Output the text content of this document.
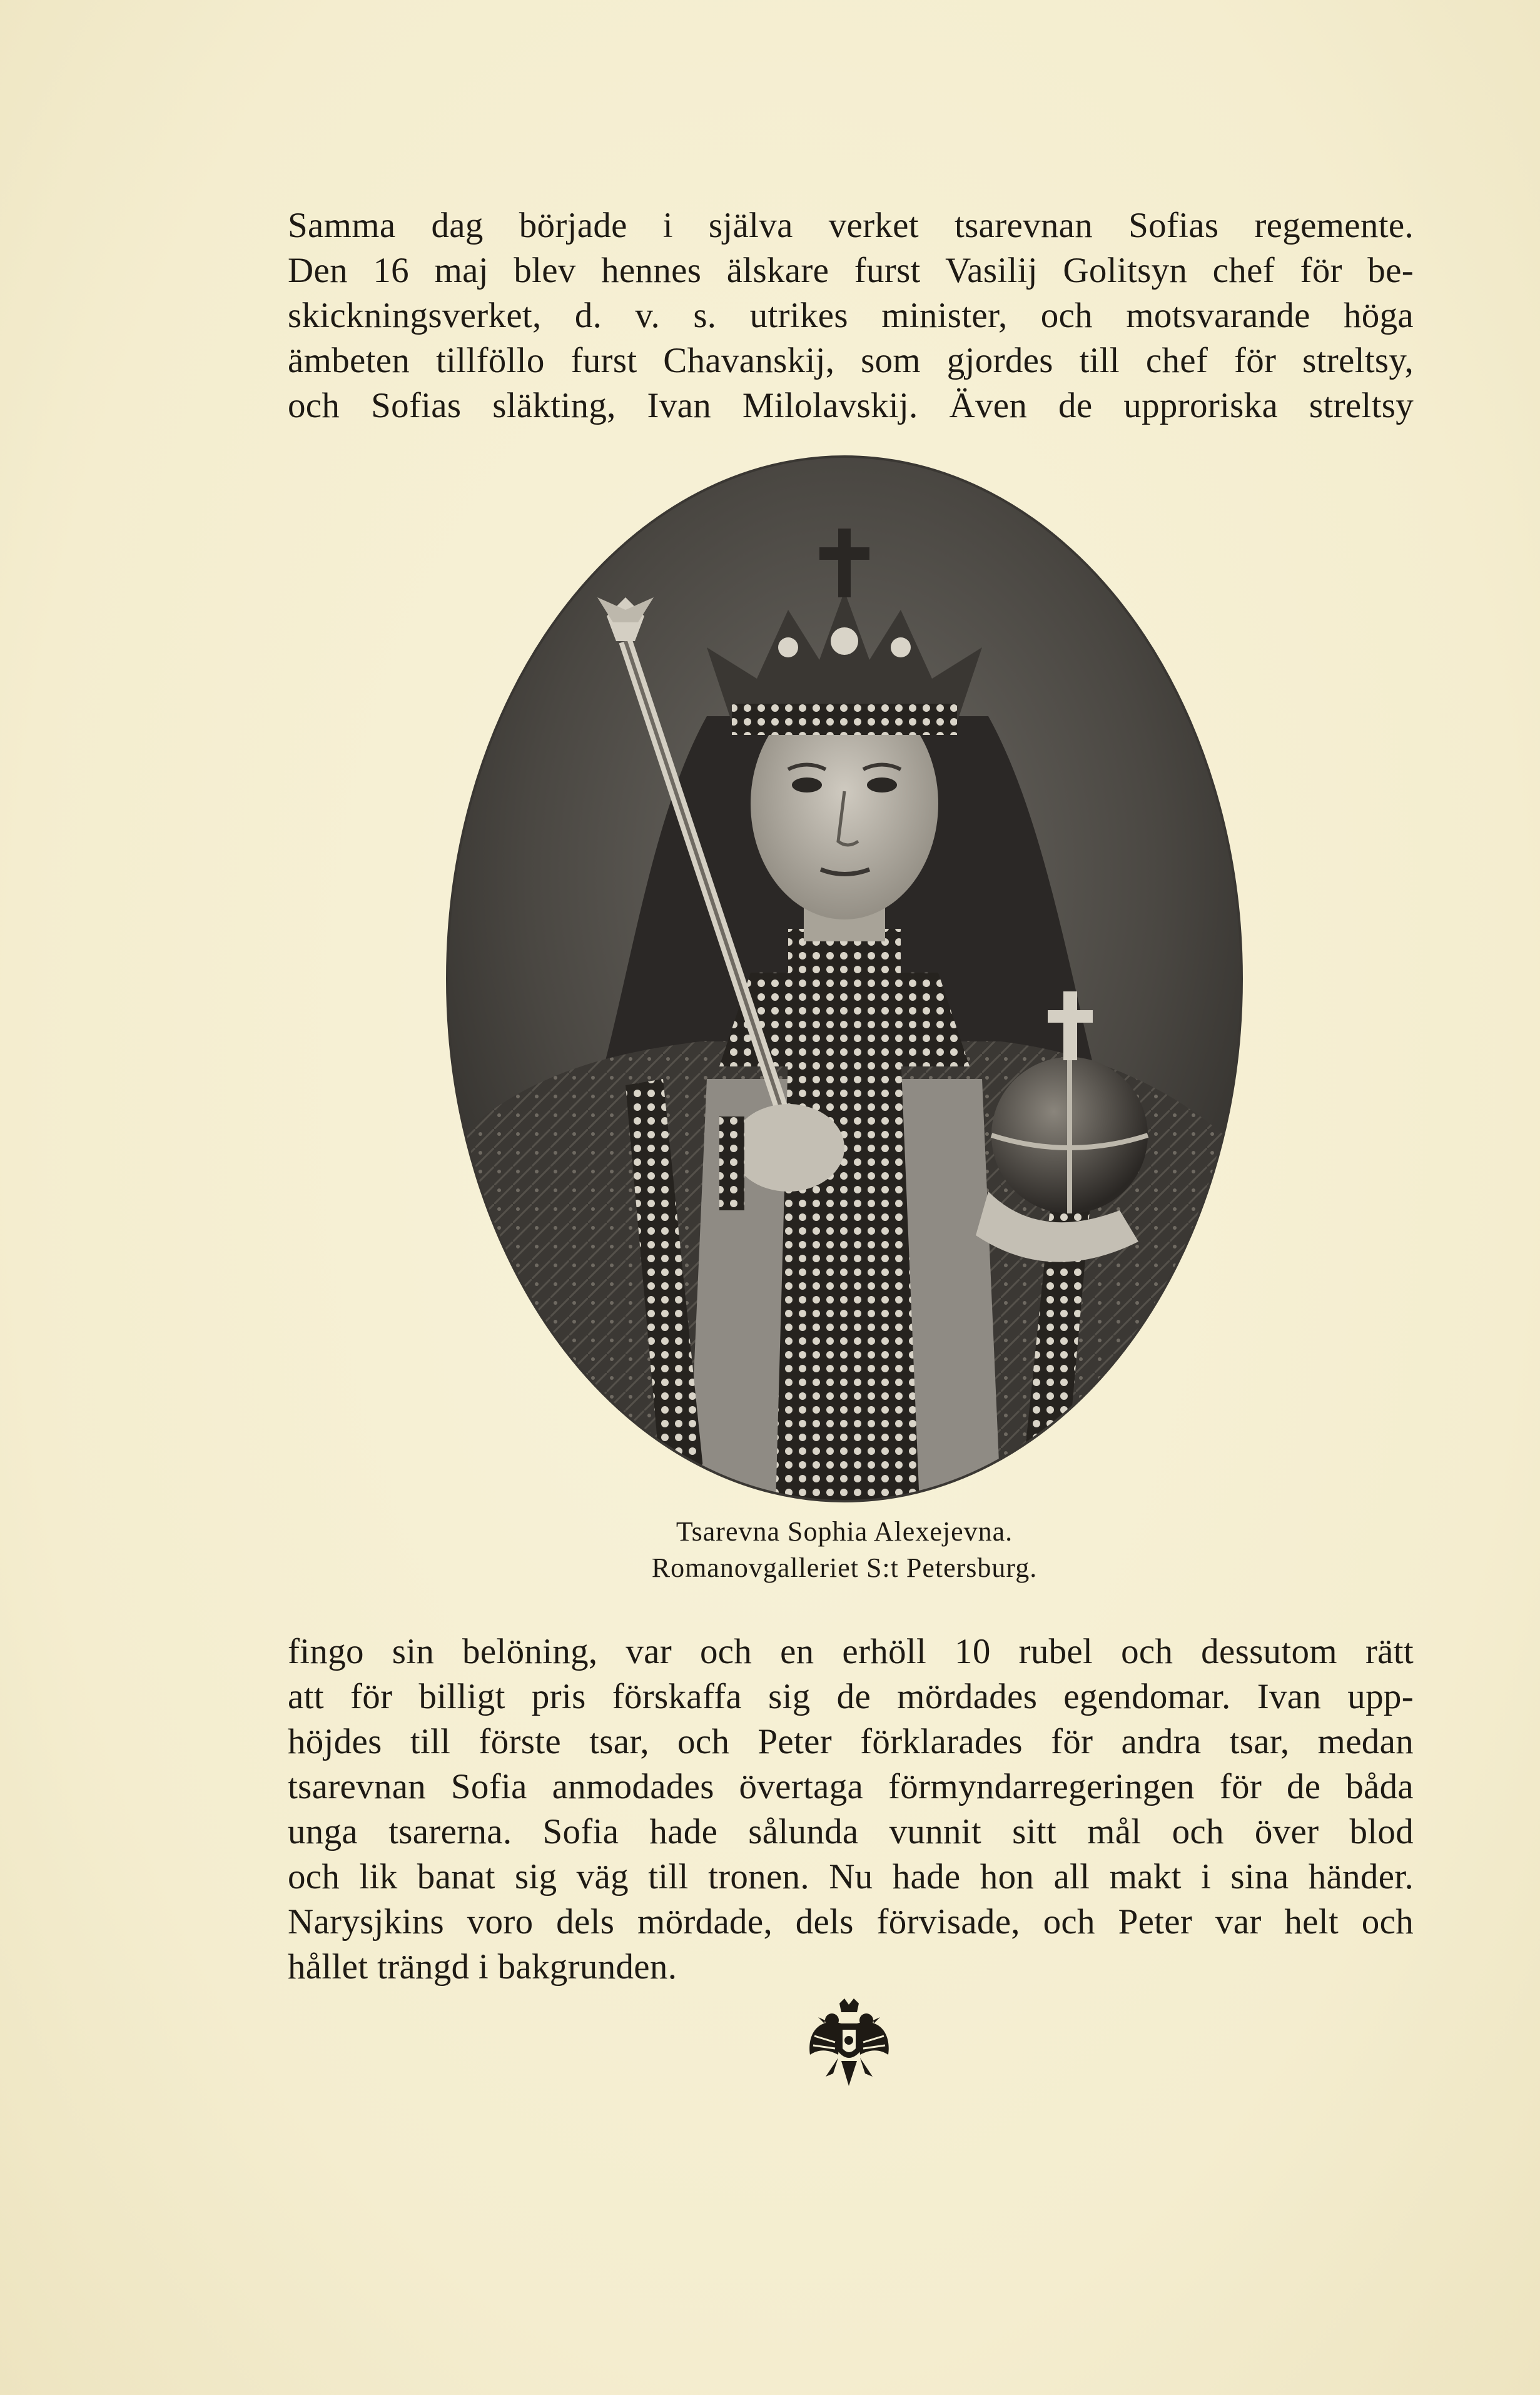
Samma dag började i själva verket tsarevnan Sofias regemente.
Den 16 maj blev hennes älskare furst Vasilij Golitsyn chef för be-
skickningsverket, d. v. s. utrikes minister, och motsvarande höga
ämbeten tillföllo furst Chavanskij, som gjordes till chef för streltsy,
och Sofias släkting, Ivan Milolavskij. Även de upproriska streltsy
Tsarevna Sophia Alexejevna.
Romanovgalleriet S:t Petersburg.
fingo sin belöning, var och en erhöll 10 rubel och dessutom rätt
att för billigt pris förskaffa sig de mördades egendomar. Ivan upp-
höjdes till förste tsar, och Peter förklarades för andra tsar, medan
tsarevnan Sofia anmodades övertaga förmyndarregeringen för de båda
unga tsarerna. Sofia hade sålunda vunnit sitt mål och över blod
och lik banat sig väg till tronen. Nu hade hon all makt i sina händer.
Narysjkins voro dels mördade, dels förvisade, och Peter var helt och
hållet trängd i bakgrunden.
